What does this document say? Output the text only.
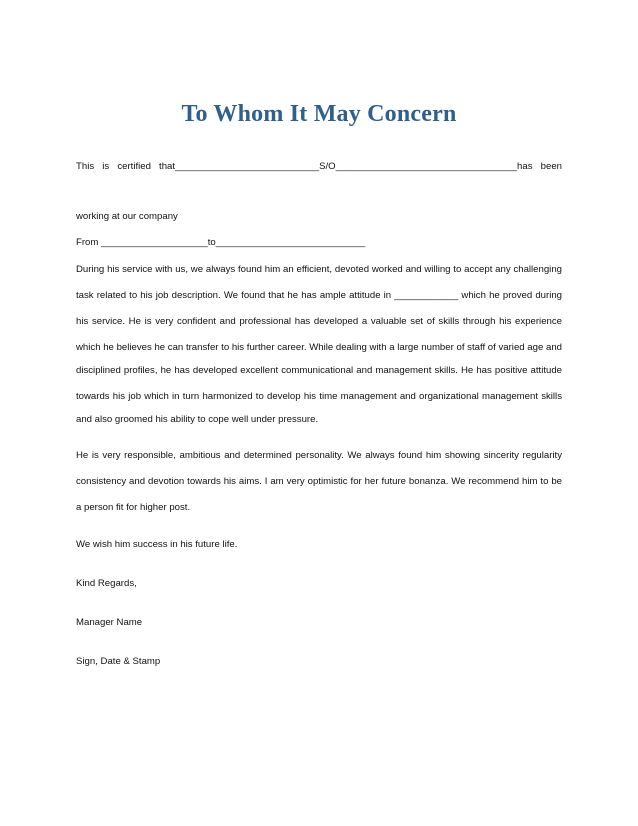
To Whom It May Concern
This is certified that___________________________S/O__________________________________has been
working at our company
From ____________________to____________________________
During his service with us, we always found him an efficient, devoted worked and willing to accept any challenging
task related to his job description. We found that he has ample attitude in ____________ which he proved during
his service. He is very confident and professional has developed a valuable set of skills through his experience
which he believes he can transfer to his further career. While dealing with a large number of staff of varied age and
disciplined profiles, he has developed excellent communicational and management skills. He has positive attitude
towards his job which in turn harmonized to develop his time management and organizational management skills
and also groomed his ability to cope well under pressure.
He is very responsible, ambitious and determined personality. We always found him showing sincerity regularity
consistency and devotion towards his aims. I am very optimistic for her future bonanza. We recommend him to be
a person fit for higher post.
We wish him success in his future life.
Kind Regards,
Manager Name
Sign, Date & Stamp
